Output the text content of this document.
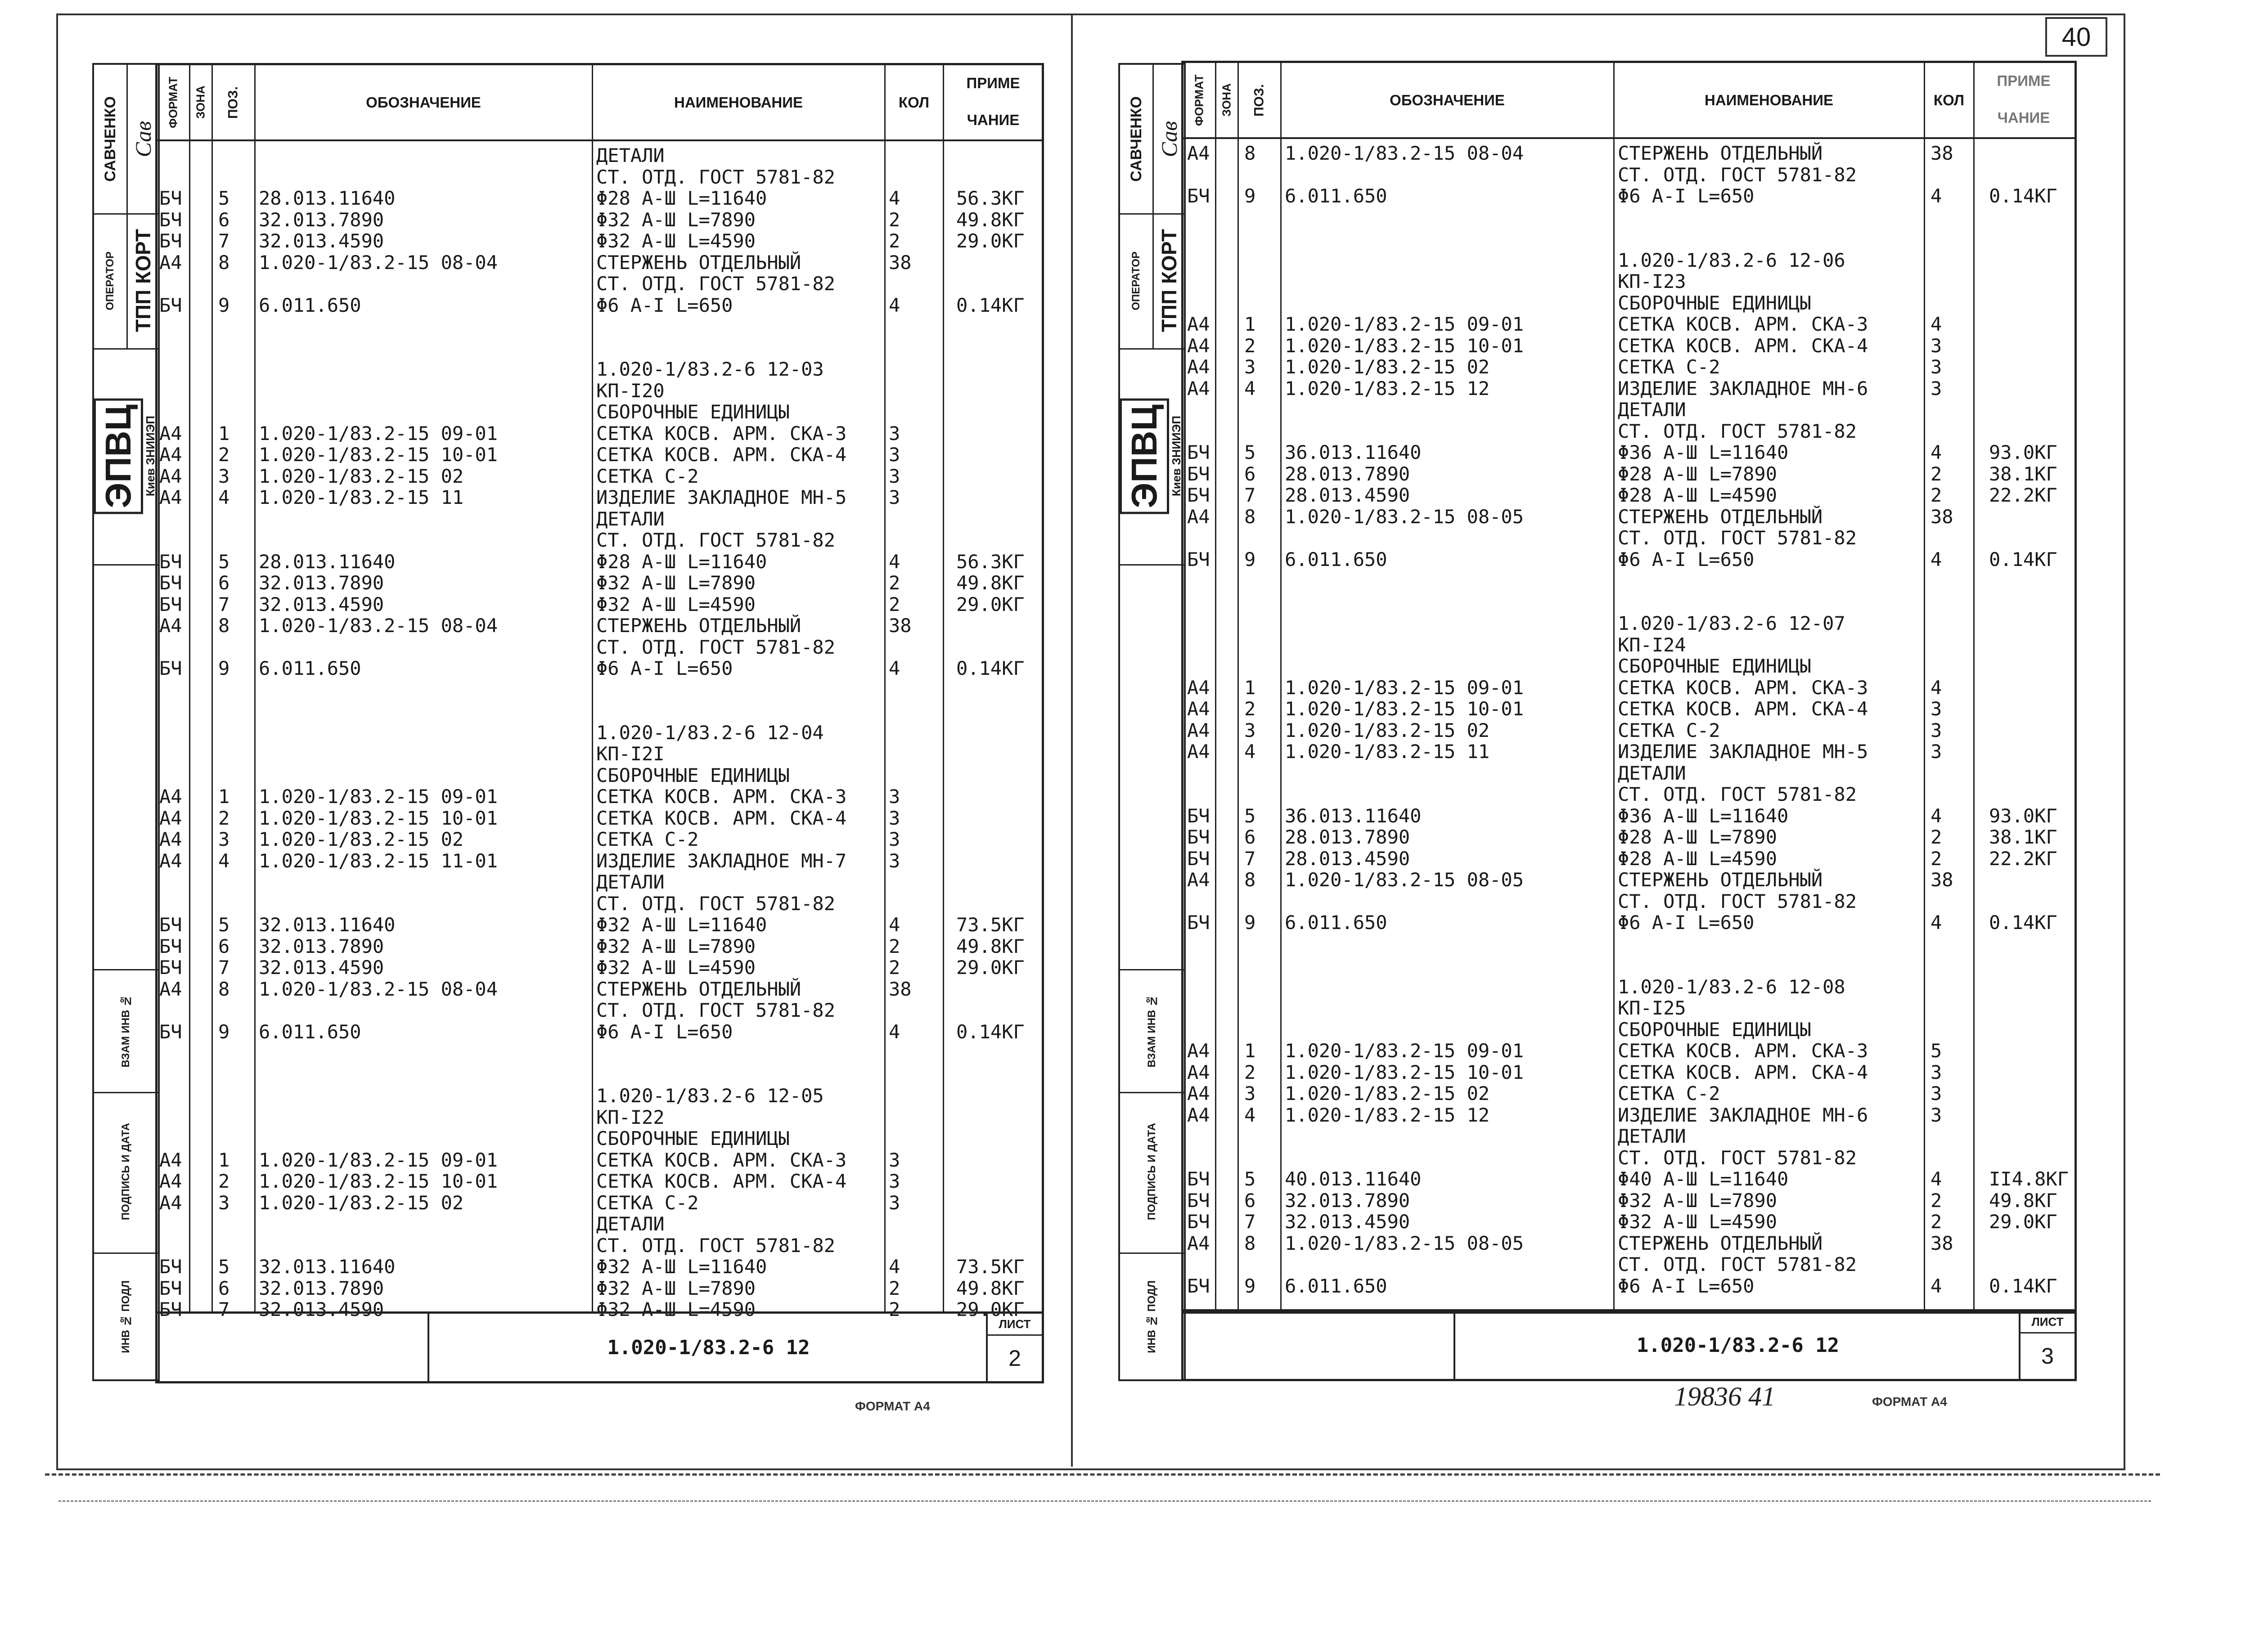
40
САВЧЕНКО Сав
ОПЕРАТОР ТПП КОРТ
ЭПВЦ Киев ЗНИИЭП
ВЗАМ ИНВ №
ПОДПИСЬ И ДАТА
ИНВ № ПОДЛ
ФОРМАТ	ЗОНА	ПОЗ.	ОБОЗНАЧЕНИЕ	НАИМЕНОВАНИЕ	КОЛ
ПРИМЕ
ЧАНИЕ
ДЕТАЛИ
СТ. ОТД. ГОСТ 5781-82
БЧ 5 28.013.11640	Φ28 А-Ш L=11640	4	56.3КГ
БЧ 6 32.013.7890	Φ32 А-Ш L=7890	2	49.8КГ
БЧ 7 32.013.4590	Φ32 А-Ш L=4590	2	29.0КГ
А4 8 1.020-1/83.2-15 08-04	СТЕРЖЕНЬ ОТДЕЛЬНЫЙ	38
СТ. ОТД. ГОСТ 5781-82
БЧ 9 6.011.650	Φ6 А-I L=650	4	0.14КГ
1.020-1/83.2-6 12-03
КП-I20
СБОРОЧНЫЕ ЕДИНИЦЫ
А4 1 1.020-1/83.2-15 09-01	СЕТКА КОСВ. АРМ. СКА-3 3
А4 2 1.020-1/83.2-15 10-01	СЕТКА КОСВ. АРМ. СКА-4 3
А4 3 1.020-1/83.2-15 02	СЕТКА С-2	3
А4 4 1.020-1/83.2-15 11	ИЗДЕЛИЕ ЗАКЛАДНОЕ МН-5 3
ДЕТАЛИ
СТ. ОТД. ГОСТ 5781-82
БЧ 5 28.013.11640	Φ28 А-Ш L=11640	4	56.3КГ
БЧ 6 32.013.7890	Φ32 А-Ш L=7890	2	49.8КГ
БЧ 7 32.013.4590	Φ32 А-Ш L=4590	2	29.0КГ
А4 8 1.020-1/83.2-15 08-04	СТЕРЖЕНЬ ОТДЕЛЬНЫЙ	38
СТ. ОТД. ГОСТ 5781-82
БЧ 9 6.011.650	Φ6 А-I L=650	4	0.14КГ
1.020-1/83.2-6 12-04
КП-I2I
СБОРОЧНЫЕ ЕДИНИЦЫ
А4 1 1.020-1/83.2-15 09-01	СЕТКА КОСВ. АРМ. СКА-3 3
А4 2 1.020-1/83.2-15 10-01	СЕТКА КОСВ. АРМ. СКА-4 3
А4 3 1.020-1/83.2-15 02	СЕТКА С-2	3
А4 4 1.020-1/83.2-15 11-01	ИЗДЕЛИЕ ЗАКЛАДНОЕ МН-7 3
ДЕТАЛИ
СТ. ОТД. ГОСТ 5781-82
БЧ 5 32.013.11640	Φ32 А-Ш L=11640	4	73.5КГ
БЧ 6 32.013.7890	Φ32 А-Ш L=7890	2	49.8КГ
БЧ 7 32.013.4590	Φ32 А-Ш L=4590	2	29.0КГ
А4 8 1.020-1/83.2-15 08-04	СТЕРЖЕНЬ ОТДЕЛЬНЫЙ	38
СТ. ОТД. ГОСТ 5781-82
БЧ 9 6.011.650	Φ6 А-I L=650	4	0.14КГ
1.020-1/83.2-6 12-05
КП-I22
СБОРОЧНЫЕ ЕДИНИЦЫ
А4 1 1.020-1/83.2-15 09-01	СЕТКА КОСВ. АРМ. СКА-3 3
А4 2 1.020-1/83.2-15 10-01	СЕТКА КОСВ. АРМ. СКА-4 3
А4 3 1.020-1/83.2-15 02	СЕТКА С-2	3
ДЕТАЛИ
СТ. ОТД. ГОСТ 5781-82
БЧ 5 32.013.11640	Φ32 А-Ш L=11640	4	73.5КГ
БЧ 6 32.013.7890	Φ32 А-Ш L=7890	2	49.8КГ
БЧ 7 32.013.4590	Φ32 А-Ш L=4590	2	29.0КГ
1.020-1/83.2-6 12
ЛИСТ
2
ФОРМАТ А4
САВЧЕНКО Сав
ОПЕРАТОР ТПП КОРТ
ЭПВЦ Киев ЗНИИЭП
ВЗАМ ИНВ №
ПОДПИСЬ И ДАТА
ИНВ № ПОДЛ
ФОРМАТ	ЗОНА	ПОЗ.	ОБОЗНАЧЕНИЕ	НАИМЕНОВАНИЕ	КОЛ
ПРИМЕ
ЧАНИЕ
А4 8 1.020-1/83.2-15 08-04	СТЕРЖЕНЬ ОТДЕЛЬНЫЙ	38
СТ. ОТД. ГОСТ 5781-82
БЧ 9 6.011.650	Φ6 А-I L=650	4 0.14КГ
1.020-1/83.2-6 12-06
КП-I23
СБОРОЧНЫЕ ЕДИНИЦЫ
А4 1 1.020-1/83.2-15 09-01	СЕТКА КОСВ. АРМ. СКА-3	4
А4 2 1.020-1/83.2-15 10-01	СЕТКА КОСВ. АРМ. СКА-4	3
А4 3 1.020-1/83.2-15 02	СЕТКА С-2	3
А4 4 1.020-1/83.2-15 12	ИЗДЕЛИЕ ЗАКЛАДНОЕ МН-6	3
ДЕТАЛИ
СТ. ОТД. ГОСТ 5781-82
БЧ 5 36.013.11640	Φ36 А-Ш L=11640	4 93.0КГ
БЧ 6 28.013.7890	Φ28 А-Ш L=7890	2 38.1КГ
БЧ 7 28.013.4590	Φ28 А-Ш L=4590	2 22.2КГ
А4 8 1.020-1/83.2-15 08-05	СТЕРЖЕНЬ ОТДЕЛЬНЫЙ	38
СТ. ОТД. ГОСТ 5781-82
БЧ 9 6.011.650	Φ6 А-I L=650	4 0.14КГ
1.020-1/83.2-6 12-07
КП-I24
СБОРОЧНЫЕ ЕДИНИЦЫ
А4 1 1.020-1/83.2-15 09-01	СЕТКА КОСВ. АРМ. СКА-3	4
А4 2 1.020-1/83.2-15 10-01	СЕТКА КОСВ. АРМ. СКА-4	3
А4 3 1.020-1/83.2-15 02	СЕТКА С-2	3
А4 4 1.020-1/83.2-15 11	ИЗДЕЛИЕ ЗАКЛАДНОЕ МН-5	3
ДЕТАЛИ
СТ. ОТД. ГОСТ 5781-82
БЧ 5 36.013.11640	Φ36 А-Ш L=11640	4 93.0КГ
БЧ 6 28.013.7890	Φ28 А-Ш L=7890	2 38.1КГ
БЧ 7 28.013.4590	Φ28 А-Ш L=4590	2 22.2КГ
А4 8 1.020-1/83.2-15 08-05	СТЕРЖЕНЬ ОТДЕЛЬНЫЙ	38
СТ. ОТД. ГОСТ 5781-82
БЧ 9 6.011.650	Φ6 А-I L=650	4 0.14КГ
1.020-1/83.2-6 12-08
КП-I25
СБОРОЧНЫЕ ЕДИНИЦЫ
А4 1 1.020-1/83.2-15 09-01	СЕТКА КОСВ. АРМ. СКА-3	5
А4 2 1.020-1/83.2-15 10-01	СЕТКА КОСВ. АРМ. СКА-4	3
А4 3 1.020-1/83.2-15 02	СЕТКА С-2	3
А4 4 1.020-1/83.2-15 12	ИЗДЕЛИЕ ЗАКЛАДНОЕ МН-6	3
ДЕТАЛИ
СТ. ОТД. ГОСТ 5781-82
БЧ 5 40.013.11640	Φ40 А-Ш L=11640	4 II4.8КГ
БЧ 6 32.013.7890	Φ32 А-Ш L=7890	2 49.8КГ
БЧ 7 32.013.4590	Φ32 А-Ш L=4590	2 29.0КГ
А4 8 1.020-1/83.2-15 08-05	СТЕРЖЕНЬ ОТДЕЛЬНЫЙ	38
СТ. ОТД. ГОСТ 5781-82
БЧ 9 6.011.650	Φ6 А-I L=650	4 0.14КГ
1.020-1/83.2-6 12
ЛИСТ
3
19836 41	ФОРМАТ А4
